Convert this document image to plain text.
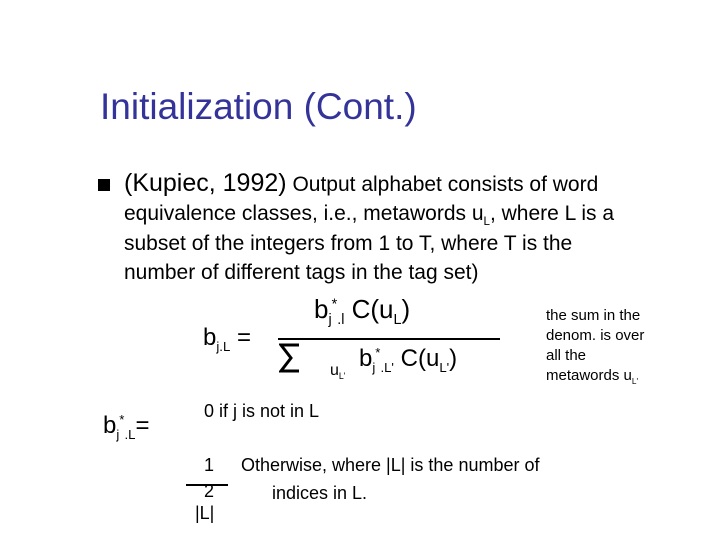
Initialization (Cont.)
(Kupiec, 1992) Output alphabet consists of word
equivalence classes, i.e., metawords $u_L$, where L is a
subset of the integers from 1 to T, where T is the
number of different tags in the tag set)
$b_{j.L}$ =
$b_j^*_{.l}$ $C(u_L)$
$u_{L'}$
$b_j^*_{.L'}$ $C(u_{L'})$
the sum in the
denom. is over
all the
metawords $u_{L'}$
$b_j^*_{.L}=$
0 if j is not in L
1
2
|L|
Otherwise, where |L| is the number of
indices in L.
